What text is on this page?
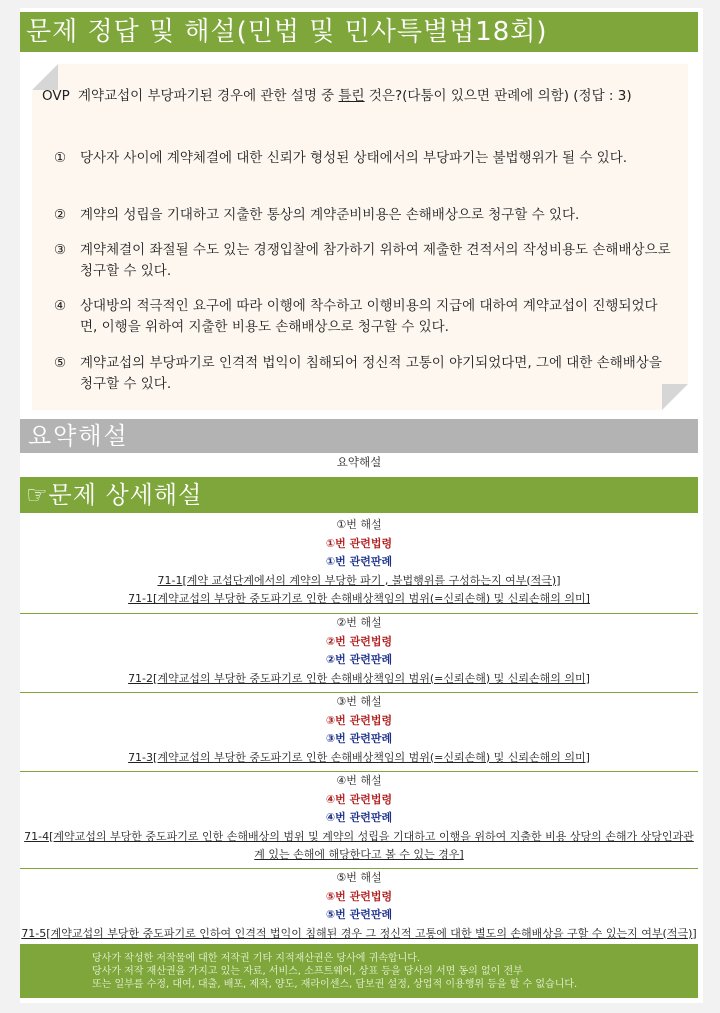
문제 정답 및 해설(민법 및 민사특별법18회)
OVP 계약교섭이 부당파기된 경우에 관한 설명 중 틀린 것은?(다툼이 있으면 판례에 의함) (정답 : 3)
① 당사자 사이에 계약체결에 대한 신뢰가 형성된 상태에서의 부당파기는 불법행위가 될 수 있다.
② 계약의 성립을 기대하고 지출한 통상의 계약준비비용은 손해배상으로 청구할 수 있다.
③ 계약체결이 좌절될 수도 있는 경쟁입찰에 참가하기 위하여 제출한 견적서의 작성비용도 손해배상으로 청구할 수 있다.
④ 상대방의 적극적인 요구에 따라 이행에 착수하고 이행비용의 지급에 대하여 계약교섭이 진행되었다면, 이행을 위하여 지출한 비용도 손해배상으로 청구할 수 있다.
⑤ 계약교섭의 부당파기로 인격적 법익이 침해되어 정신적 고통이 야기되었다면, 그에 대한 손해배상을 청구할 수 있다.
요약해설
요약해설
☞문제 상세해설
①번 해설
①번 관련법령
①번 관련판례
71-1[계약 교섭단계에서의 계약의 부당한 파기 , 불법행위를 구성하는지 여부(적극)]
71-1[계약교섭의 부당한 중도파기로 인한 손해배상책임의 범위(=신뢰손해) 및 신뢰손해의 의미]
②번 해설
②번 관련법령
②번 관련판례
71-2[계약교섭의 부당한 중도파기로 인한 손해배상책임의 범위(=신뢰손해) 및 신뢰손해의 의미]
③번 해설
③번 관련법령
③번 관련판례
71-3[계약교섭의 부당한 중도파기로 인한 손해배상책임의 범위(=신뢰손해) 및 신뢰손해의 의미]
④번 해설
④번 관련법령
④번 관련판례
71-4[계약교섭의 부당한 중도파기로 인한 손해배상의 범위 및 계약의 성립을 기대하고 이행을 위하여 지출한 비용 상당의 손해가 상당인과관계 있는 손해에 해당한다고 볼 수 있는 경우]
⑤번 해설
⑤번 관련법령
⑤번 관련판례
71-5[계약교섭의 부당한 중도파기로 인하여 인격적 법익이 침해된 경우 그 정신적 고통에 대한 별도의 손해배상을 구할 수 있는지 여부(적극)]
당사가 작성한 저작물에 대한 저작권 기타 지적재산권은 당사에 귀속합니다.
당사가 저작 재산권을 가지고 있는 자료, 서비스, 소프트웨어, 상표 등을 당사의 서면 동의 없이 전부
또는 일부를 수정, 대여, 대출, 배포, 제작, 양도, 재라이센스, 담보권 설정, 상업적 이용행위 등을 할 수 없습니다.
